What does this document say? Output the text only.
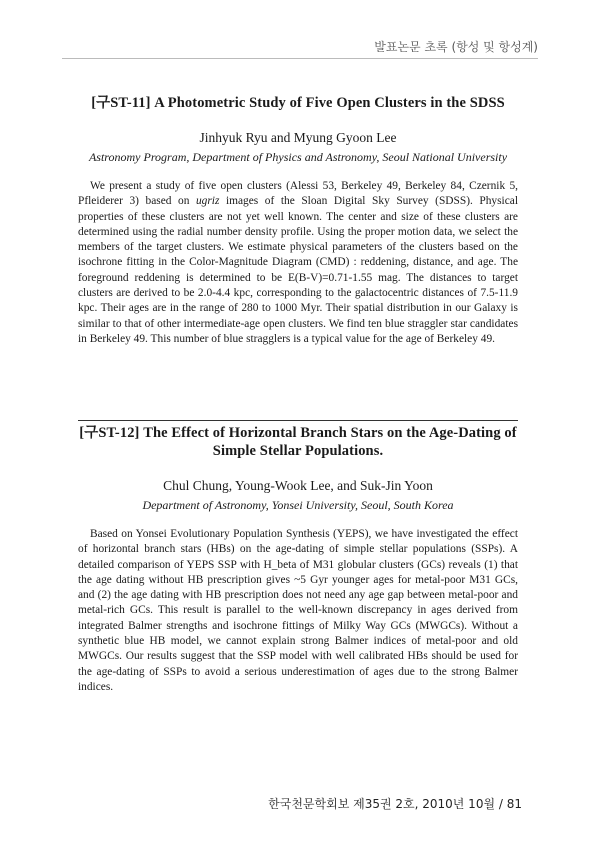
발표논문 초록 (항성 및 항성계)
[구ST-11] A Photometric Study of Five Open Clusters in the SDSS

Jinhyuk Ryu and Myung Gyoon Lee

Astronomy Program, Department of Physics and Astronomy, Seoul National University

We present a study of five open clusters (Alessi 53, Berkeley 49, Berkeley 84, Czernik 5, Pfleiderer 3) based on ugriz images of the Sloan Digital Sky Survey (SDSS). Physical properties of these clusters are not yet well known. The center and size of these clusters are determined using the radial number density profile. Using the proper motion data, we select the members of the target clusters. We estimate physical parameters of the clusters based on the isochrone fitting in the Color-Magnitude Diagram (CMD) : reddening, distance, and age. The foreground reddening is determined to be E(B-V)=0.71-1.55 mag. The distances to target clusters are derived to be 2.0-4.4 kpc, corresponding to the galactocentric distances of 7.5-11.9 kpc. Their ages are in the range of 280 to 1000 Myr. Their spatial distribution in our Galaxy is similar to that of other intermediate-age open clusters. We find ten blue straggler star candidates in Berkeley 49. This number of blue stragglers is a typical value for the age of Berkeley 49.

[구ST-12] The Effect of Horizontal Branch Stars on the Age-Dating of Simple Stellar Populations.

Chul Chung, Young-Wook Lee, and Suk-Jin Yoon

Department of Astronomy, Yonsei University, Seoul, South Korea

Based on Yonsei Evolutionary Population Synthesis (YEPS), we have investigated the effect of horizontal branch stars (HBs) on the age-dating of simple stellar populations (SSPs). A detailed comparison of YEPS SSP with H_beta of M31 globular clusters (GCs) reveals (1) that the age dating without HB prescription gives ~5 Gyr younger ages for metal-poor M31 GCs, and (2) the age dating with HB prescription does not need any age gap between metal-poor and metal-rich GCs. This result is parallel to the well-known discrepancy in ages derived from integrated Balmer strengths and isochrone fittings of Milky Way GCs (MWGCs). Without a synthetic blue HB model, we cannot explain strong Balmer indices of metal-poor and old MWGCs. Our results suggest that the SSP model with well calibrated HBs should be used for the age-dating of SSPs to avoid a serious underestimation of ages due to the strong Balmer indices.

한국천문학회보 제35권 2호, 2010년 10월 / 81
